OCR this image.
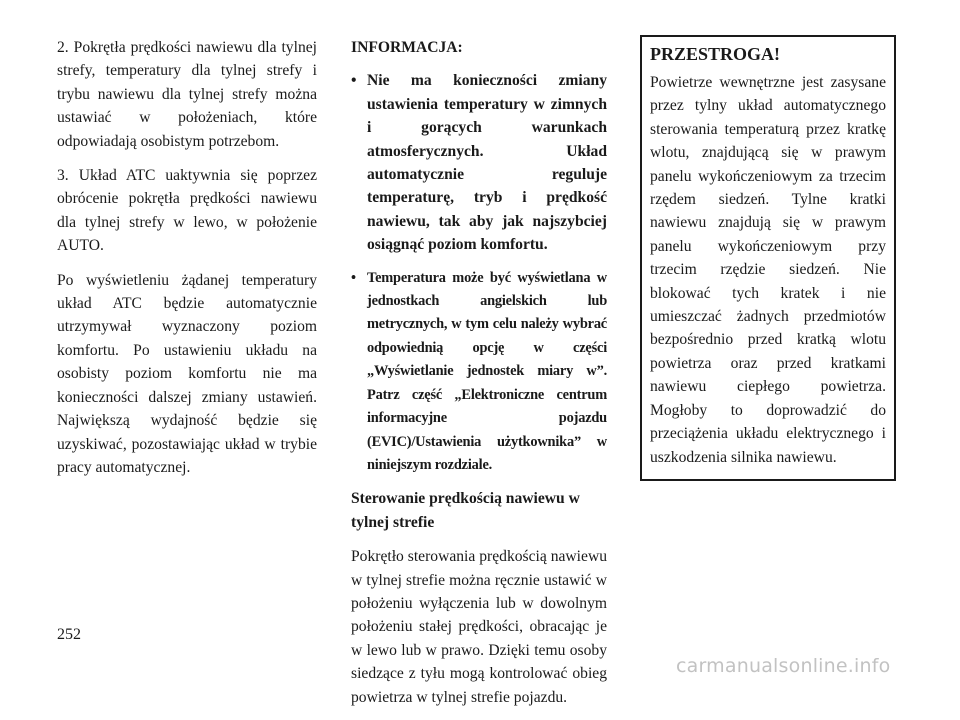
2. Pokrętła prędkości nawiewu dla tylnej strefy, temperatury dla tylnej strefy i trybu nawiewu dla tylnej strefy można ustawiać w położeniach, które odpowiadają osobistym potrzebom.

3. Układ ATC uaktywnia się poprzez obrócenie pokrętła prędkości nawiewu dla tylnej strefy w lewo, w położenie AUTO.

Po wyświetleniu żądanej temperatury układ ATC będzie automatycznie utrzymywał wyznaczony poziom komfortu. Po ustawieniu układu na osobisty poziom komfortu nie ma konieczności dalszej zmiany ustawień. Największą wydajność będzie się uzyskiwać, pozostawiając układ w trybie pracy automatycznej.

INFORMACJA:
• Nie ma konieczności zmiany ustawienia temperatury w zimnych i gorących warunkach atmosferycznych. Układ automatycznie reguluje temperaturę, tryb i prędkość nawiewu, tak aby jak najszybciej osiągnąć poziom komfortu.
• Temperatura może być wyświetlana w jednostkach angielskich lub metrycznych, w tym celu należy wybrać odpowiednią opcję w części „Wyświetlanie jednostek miary w”. Patrz część „Elektroniczne centrum informacyjne pojazdu (EVIC)/Ustawienia użytkownika” w niniejszym rozdziale.
Sterowanie prędkością nawiewu w
tylnej strefie

Pokrętło sterowania prędkością nawiewu w tylnej strefie można ręcznie ustawić w położeniu wyłączenia lub w dowolnym położeniu stałej prędkości, obracając je w lewo lub w prawo. Dzięki temu osoby siedzące z tyłu mogą kontrolować obieg powietrza w tylnej strefie pojazdu.

PRZESTROGA!

Powietrze wewnętrzne jest zasysane przez tylny układ automatycznego sterowania temperaturą przez kratkę wlotu, znajdującą się w prawym panelu wykończeniowym za trzecim rzędem siedzeń. Tylne kratki nawiewu znajdują się w prawym panelu wykończeniowym przy trzecim rzędzie siedzeń. Nie blokować tych kratek i nie umieszczać żadnych przedmiotów bezpośrednio przed kratką wlotu powietrza oraz przed kratkami nawiewu ciepłego powietrza. Mogłoby to doprowadzić do przeciążenia układu elektrycznego i uszkodzenia silnika nawiewu.

252
carmanualsonline.info
